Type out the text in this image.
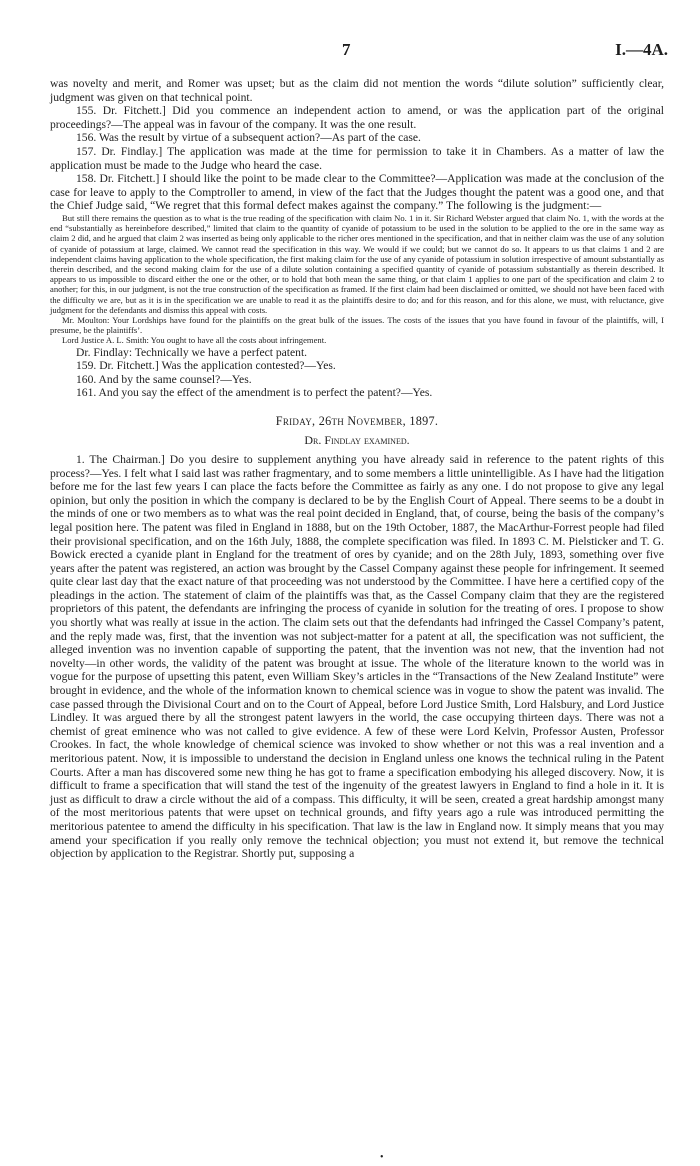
7	I.—4A.

was novelty and merit, and Romer was upset; but as the claim did not mention the words “dilute solution” sufficiently clear, judgment was given on that technical point.

155. Dr. Fitchett.] Did you commence an independent action to amend, or was the application part of the original proceedings?—The appeal was in favour of the company. It was the one result.

156. Was the result by virtue of a subsequent action?—As part of the case.

157. Dr. Findlay.] The application was made at the time for permission to take it in Chambers. As a matter of law the application must be made to the Judge who heard the case.

158. Dr. Fitchett.] I should like the point to be made clear to the Committee?—Application was made at the conclusion of the case for leave to apply to the Comptroller to amend, in view of the fact that the Judges thought the patent was a good one, and that the Chief Judge said, “We regret that this formal defect makes against the company.” The following is the judgment:—

But still there remains the question as to what is the true reading of the specification with claim No. 1 in it. Sir Richard Webster argued that claim No. 1, with the words at the end “substantially as hereinbefore described,” limited that claim to the quantity of cyanide of potassium to be used in the solution to be applied to the ore in the same way as claim 2 did, and he argued that claim 2 was inserted as being only applicable to the richer ores mentioned in the specification, and that in neither claim was the use of any solution of cyanide of potassium at large, claimed. We cannot read the specification in this way. We would if we could; but we cannot do so. It appears to us that claims 1 and 2 are independent claims having application to the whole specification, the first making claim for the use of any cyanide of potassium in solution irrespective of amount substantially as therein described, and the second making claim for the use of a dilute solution containing a specified quantity of cyanide of potassium substantially as therein described. It appears to us impossible to discard either the one or the other, or to hold that both mean the same thing, or that claim 1 applies to one part of the specification and claim 2 to another; for this, in our judgment, is not the true construction of the specification as framed. If the first claim had been disclaimed or omitted, we should not have been faced with the difficulty we are, but as it is in the specification we are unable to read it as the plaintiffs desire to do; and for this reason, and for this alone, we must, with reluctance, give judgment for the defendants and dismiss this appeal with costs.

Mr. Moulton: Your Lordships have found for the plaintiffs on the great bulk of the issues. The costs of the issues that you have found in favour of the plaintiffs, will, I presume, be the plaintiffs’.

Lord Justice A. L. Smith: You ought to have all the costs about infringement.

Dr. Findlay: Technically we have a perfect patent.

159. Dr. Fitchett.] Was the application contested?—Yes.

160. And by the same counsel?—Yes.

161. And you say the effect of the amendment is to perfect the patent?—Yes.

Friday, 26th November, 1897.

Dr. Findlay examined.

1. The Chairman.] Do you desire to supplement anything you have already said in reference to the patent rights of this process?—Yes. I felt what I said last was rather fragmentary, and to some members a little unintelligible. As I have had the litigation before me for the last few years I can place the facts before the Committee as fairly as any one. I do not propose to give any legal opinion, but only the position in which the company is declared to be by the English Court of Appeal. There seems to be a doubt in the minds of one or two members as to what was the real point decided in England, that, of course, being the basis of the company’s legal position here. The patent was filed in England in 1888, but on the 19th October, 1887, the MacArthur-Forrest people had filed their provisional specification, and on the 16th July, 1888, the complete specification was filed. In 1893 C. M. Pielsticker and T. G. Bowick erected a cyanide plant in England for the treatment of ores by cyanide; and on the 28th July, 1893, something over five years after the patent was registered, an action was brought by the Cassel Company against these people for infringement. It seemed quite clear last day that the exact nature of that proceeding was not understood by the Committee. I have here a certified copy of the pleadings in the action. The statement of claim of the plaintiffs was that, as the Cassel Company claim that they are the registered proprietors of this patent, the defendants are infringing the process of cyanide in solution for the treating of ores. I propose to show you shortly what was really at issue in the action. The claim sets out that the defendants had infringed the Cassel Company’s patent, and the reply made was, first, that the invention was not subject-matter for a patent at all, the specification was not sufficient, the alleged invention was no invention capable of supporting the patent, that the invention was not new, that the invention had not novelty—in other words, the validity of the patent was brought at issue. The whole of the literature known to the world was in vogue for the purpose of upsetting this patent, even William Skey’s articles in the “Transactions of the New Zealand Institute” were brought in evidence, and the whole of the information known to chemical science was in vogue to show the patent was invalid. The case passed through the Divisional Court and on to the Court of Appeal, before Lord Justice Smith, Lord Halsbury, and Lord Justice Lindley. It was argued there by all the strongest patent lawyers in the world, the case occupying thirteen days. There was not a chemist of great eminence who was not called to give evidence. A few of these were Lord Kelvin, Professor Austen, Professor Crookes. In fact, the whole knowledge of chemical science was invoked to show whether or not this was a real invention and a meritorious patent. Now, it is impossible to understand the decision in England unless one knows the technical ruling in the Patent Courts. After a man has discovered some new thing he has got to frame a specification embodying his alleged discovery. Now, it is difficult to frame a specification that will stand the test of the ingenuity of the greatest lawyers in England to find a hole in it. It is just as difficult to draw a circle without the aid of a compass. This difficulty, it will be seen, created a great hardship amongst many of the most meritorious patents that were upset on technical grounds, and fifty years ago a rule was introduced permitting the meritorious patentee to amend the difficulty in his specification. That law is the law in England now. It simply means that you may amend your specification if you really only remove the technical objection; you must not extend it, but remove the technical objection by application to the Registrar. Shortly put, supposing a

•
